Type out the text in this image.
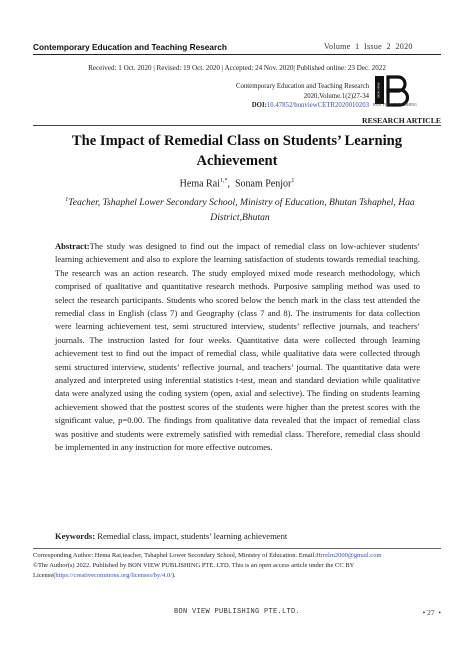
Contemporary Education and Teaching Research	Volume  1  Issue  2  2020
Received: 1 Oct. 2020 | Revised: 19 Oct. 2020 | Accepted: 24 Nov. 2020| Published online: 23 Dec. 2022
Contemporary Education and Teaching Research
2020,Volume.1(2)27-34
DOI:10.47852/bonviewCETR2020010203
BON VIEW
BON VIEW PUBLISHING
RESEARCH ARTICLE
The Impact of Remedial Class on Students’ Learning Achievement
Hema Rai$^{1,*}$,  Sonam Penjor$^1$
$^1$Teacher, Tshaphel Lower Secondary School, Ministry of Education, Bhutan Tshaphel, Haa District,Bhutan
Abstract:The study was designed to find out the impact of remedial class on low-achiever students’ learning achievement and also to explore the learning satisfaction of students towards remedial teaching. The research was an action research. The study employed mixed mode research methodology, which comprised of qualitative and quantitative research methods. Purposive sampling method was used to select the research participants. Students who scored below the bench mark in the class test attended the remedial class in English (class 7) and Geography (class 7 and 8). The instruments for data collection were learning achievement test, semi structured interview, students’ reflective journals, and teachers’ journals. The instruction lasted for four weeks. Quantitative data were collected through learning achievement test to find out the impact of remedial class, while qualitative data were collected through semi structured interview, students’ reflective journal, and teachers’ journal. The quantitative data were analyzed and interpreted using inferential statistics t-test, mean and standard deviation while qualitative data were analyzed using the coding system (open, axial and selective). The finding on students learning achievement showed that the posttest scores of the students were higher than the pretest scores with the significant value, p=0.00. The findings from qualitative data revealed that the impact of remedial class was positive and students were extremely satisfied with remedial class. Therefore, remedial class should be implemented in any instruction for more effective outcomes.
Keywords: Remedial class, impact, students’ learning achievement
Corresponding Author: Hema Rai,teacher, Tshaphel Lower Secondary School, Ministry of Education. Email:Hrrelm2000@gmail.com
©The Author(s) 2022. Published by BON VIEW PUBLISHING PTE. LTD. This is an open access article under the CC BY License(https://creativecommons.org/licenses/by/4.0/).
BON VIEW PUBLISHING PTE.LTD.	• 27  •
